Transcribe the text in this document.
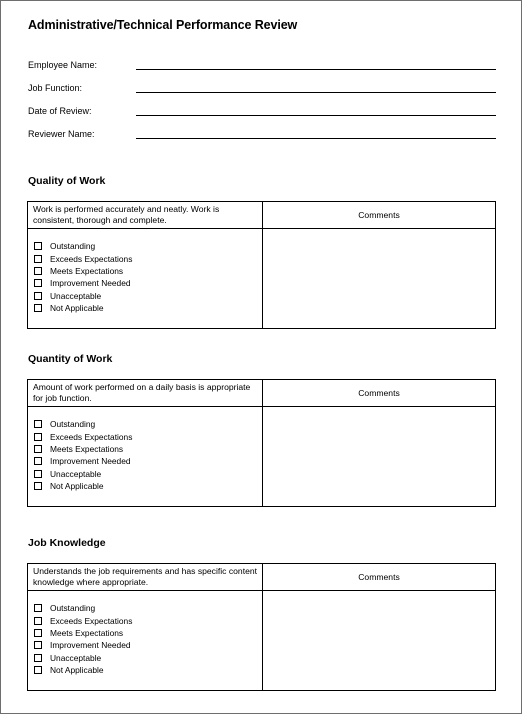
Administrative/Technical Performance Review
Employee Name:
Job Function:
Date of Review:
Reviewer Name:
Quality of Work
Work is performed accurately and neatly. Work is consistent, thorough and complete.	Comments
Outstanding
Exceeds Expectations
Meets Expectations
Improvement Needed
Unacceptable
Not Applicable
Quantity of Work
Amount of work performed on a daily basis is appropriate for job function.	Comments
Outstanding
Exceeds Expectations
Meets Expectations
Improvement Needed
Unacceptable
Not Applicable
Job Knowledge
Understands the job requirements and has specific content knowledge where appropriate.	Comments
Outstanding
Exceeds Expectations
Meets Expectations
Improvement Needed
Unacceptable
Not Applicable
